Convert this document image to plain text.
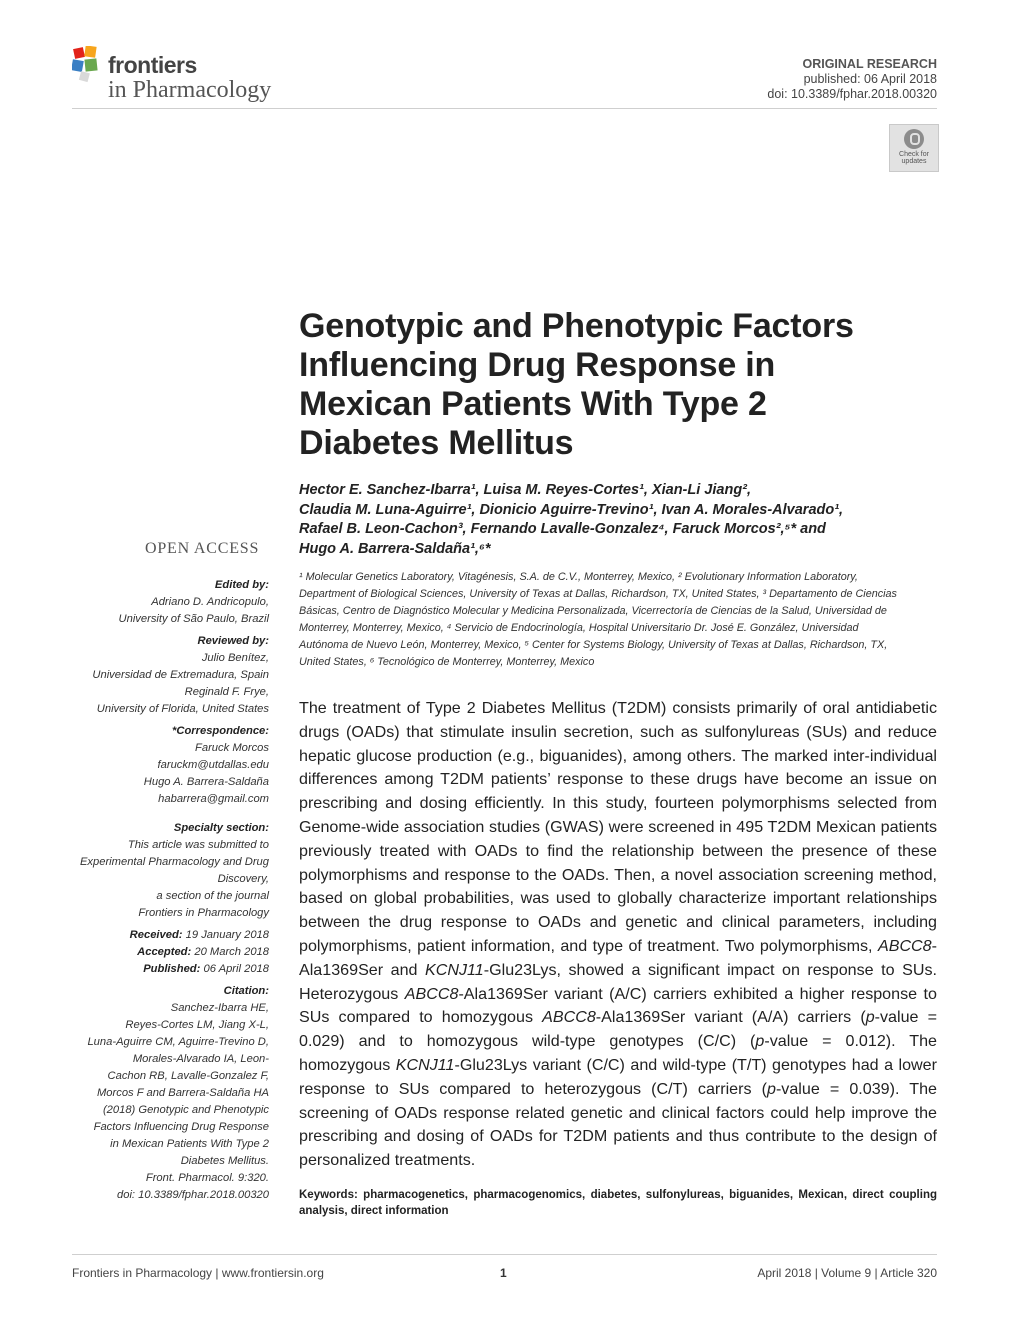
frontiers
in Pharmacology
ORIGINAL RESEARCH
published: 06 April 2018
doi: 10.3389/fphar.2018.00320
Check for
updates
Genotypic and Phenotypic Factors
Influencing Drug Response in
Mexican Patients With Type 2
Diabetes Mellitus
Hector E. Sanchez-Ibarra¹, Luisa M. Reyes-Cortes¹, Xian-Li Jiang²,
Claudia M. Luna-Aguirre¹, Dionicio Aguirre-Trevino¹, Ivan A. Morales-Alvarado¹,
Rafael B. Leon-Cachon³, Fernando Lavalle-Gonzalez⁴, Faruck Morcos²,⁵* and
Hugo A. Barrera-Saldaña¹,⁶*
¹ Molecular Genetics Laboratory, Vitagénesis, S.A. de C.V., Monterrey, Mexico, ² Evolutionary Information Laboratory,
Department of Biological Sciences, University of Texas at Dallas, Richardson, TX, United States, ³ Departamento de Ciencias
Básicas, Centro de Diagnóstico Molecular y Medicina Personalizada, Vicerrectoría de Ciencias de la Salud, Universidad de
Monterrey, Monterrey, Mexico, ⁴ Servicio de Endocrinología, Hospital Universitario Dr. José E. González, Universidad
Autónoma de Nuevo León, Monterrey, Mexico, ⁵ Center for Systems Biology, University of Texas at Dallas, Richardson, TX,
United States, ⁶ Tecnológico de Monterrey, Monterrey, Mexico
The treatment of Type 2 Diabetes Mellitus (T2DM) consists primarily of oral antidiabetic drugs (OADs) that stimulate insulin secretion, such as sulfonylureas (SUs) and reduce hepatic glucose production (e.g., biguanides), among others. The marked inter-individual differences among T2DM patients’ response to these drugs have become an issue on prescribing and dosing efficiently. In this study, fourteen polymorphisms selected from Genome-wide association studies (GWAS) were screened in 495 T2DM Mexican patients previously treated with OADs to find the relationship between the presence of these polymorphisms and response to the OADs. Then, a novel association screening method, based on global probabilities, was used to globally characterize important relationships between the drug response to OADs and genetic and clinical parameters, including polymorphisms, patient information, and type of treatment. Two polymorphisms, ABCC8-Ala1369Ser and KCNJ11-Glu23Lys, showed a significant impact on response to SUs. Heterozygous ABCC8-Ala1369Ser variant (A/C) carriers exhibited a higher response to SUs compared to homozygous ABCC8-Ala1369Ser variant (A/A) carriers (p-value = 0.029) and to homozygous wild-type genotypes (C/C) (p-value = 0.012). The homozygous KCNJ11-Glu23Lys variant (C/C) and wild-type (T/T) genotypes had a lower response to SUs compared to heterozygous (C/T) carriers (p-value = 0.039). The screening of OADs response related genetic and clinical factors could help improve the prescribing and dosing of OADs for T2DM patients and thus contribute to the design of personalized treatments.
Keywords: pharmacogenetics, pharmacogenomics, diabetes, sulfonylureas, biguanides, Mexican, direct coupling analysis, direct information
OPEN ACCESS
Edited by:
Adriano D. Andricopulo,
University of São Paulo, Brazil
Reviewed by:
Julio Benítez,
Universidad de Extremadura, Spain
Reginald F. Frye,
University of Florida, United States
*Correspondence:
Faruck Morcos
faruckm@utdallas.edu
Hugo A. Barrera-Saldaña
habarrera@gmail.com
Specialty section:
This article was submitted to
Experimental Pharmacology and Drug
Discovery,
a section of the journal
Frontiers in Pharmacology
Received: 19 January 2018
Accepted: 20 March 2018
Published: 06 April 2018
Citation:
Sanchez-Ibarra HE,
Reyes-Cortes LM, Jiang X-L,
Luna-Aguirre CM, Aguirre-Trevino D,
Morales-Alvarado IA, Leon-
Cachon RB, Lavalle-Gonzalez F,
Morcos F and Barrera-Saldaña HA
(2018) Genotypic and Phenotypic
Factors Influencing Drug Response
in Mexican Patients With Type 2
Diabetes Mellitus.
Front. Pharmacol. 9:320.
doi: 10.3389/fphar.2018.00320
Frontiers in Pharmacology | www.frontiersin.org	1	April 2018 | Volume 9 | Article 320
